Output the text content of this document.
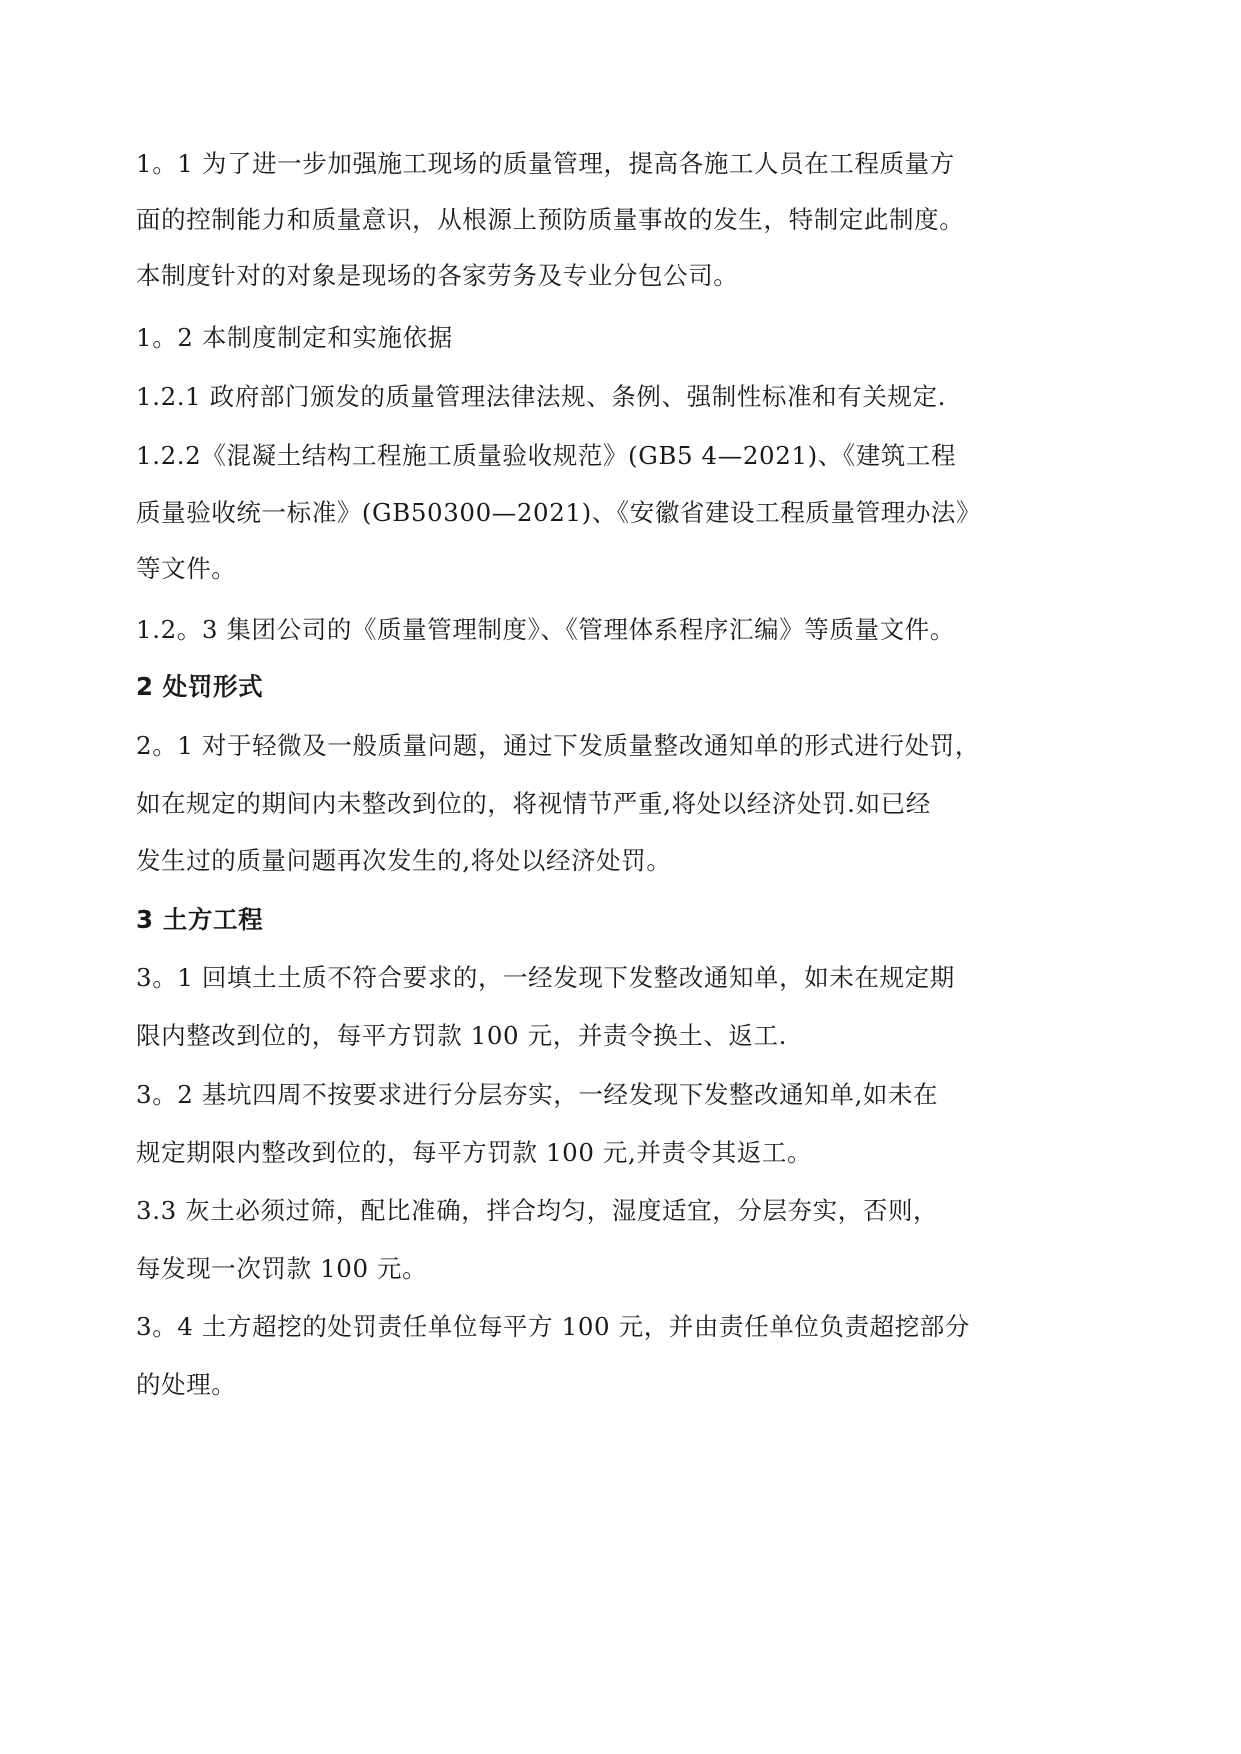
1。1 为了进一步加强施工现场的质量管理，提高各施工人员在工程质量方
面的控制能力和质量意识，从根源上预防质量事故的发生，特制定此制度。
本制度针对的对象是现场的各家劳务及专业分包公司。
1。2 本制度制定和实施依据
1.2.1 政府部门颁发的质量管理法律法规、条例、强制性标准和有关规定.
1.2.2《混凝土结构工程施工质量验收规范》(GB5 4—2021)、《建筑工程
质量验收统一标准》(GB50300—2021)、《安徽省建设工程质量管理办法》
等文件。
1.2。3 集团公司的《质量管理制度》、《管理体系程序汇编》等质量文件。
2 处罚形式
2。1 对于轻微及一般质量问题，通过下发质量整改通知单的形式进行处罚，
如在规定的期间内未整改到位的，将视情节严重,将处以经济处罚.如已经
发生过的质量问题再次发生的,将处以经济处罚。
3 土方工程
3。1 回填土土质不符合要求的，一经发现下发整改通知单，如未在规定期
限内整改到位的，每平方罚款 100 元，并责令换土、返工.
3。2 基坑四周不按要求进行分层夯实，一经发现下发整改通知单,如未在
规定期限内整改到位的，每平方罚款 100 元,并责令其返工。
3.3 灰土必须过筛，配比准确，拌合均匀，湿度适宜，分层夯实，否则，
每发现一次罚款 100 元。
3。4 土方超挖的处罚责任单位每平方 100 元，并由责任单位负责超挖部分
的处理。
